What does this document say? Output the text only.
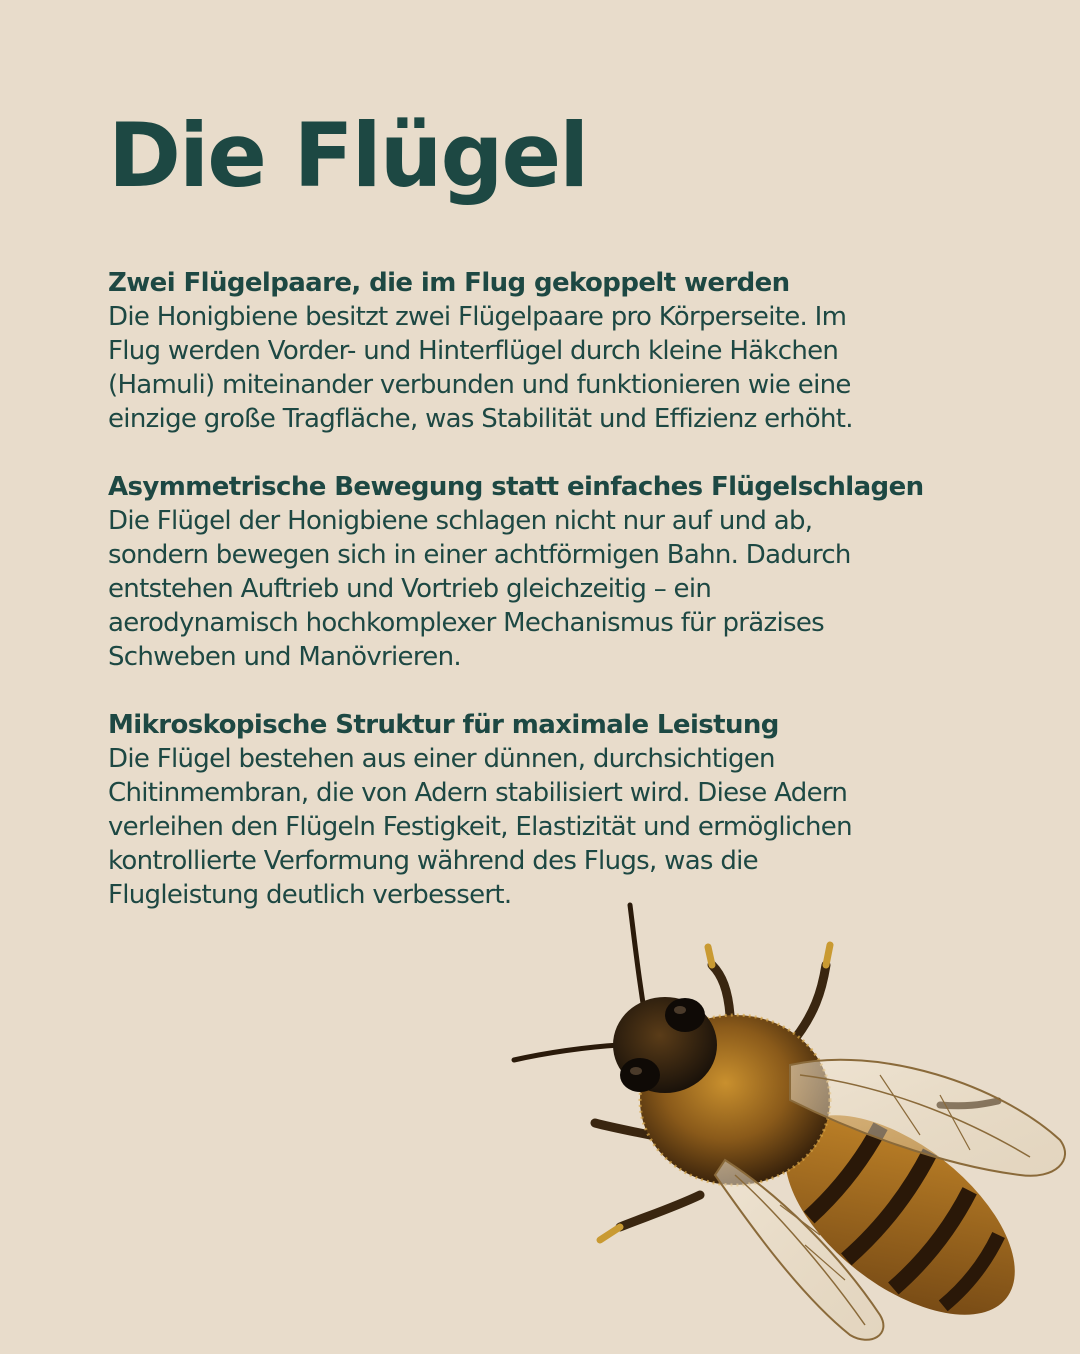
Die Flügel
Zwei Flügelpaare, die im Flug gekoppelt werden

Die Honigbiene besitzt zwei Flügelpaare pro Körperseite. Im
Flug werden Vorder- und Hinterflügel durch kleine Häkchen
(Hamuli) miteinander verbunden und funktionieren wie eine
einzige große Tragfläche, was Stabilität und Effizienz erhöht.

Asymmetrische Bewegung statt einfaches Flügelschlagen

Die Flügel der Honigbiene schlagen nicht nur auf und ab,
sondern bewegen sich in einer achtförmigen Bahn. Dadurch
entstehen Auftrieb und Vortrieb gleichzeitig – ein
aerodynamisch hochkomplexer Mechanismus für präzises
Schweben und Manövrieren.

Mikroskopische Struktur für maximale Leistung

Die Flügel bestehen aus einer dünnen, durchsichtigen
Chitinmembran, die von Adern stabilisiert wird. Diese Adern
verleihen den Flügeln Festigkeit, Elastizität und ermöglichen
kontrollierte Verformung während des Flugs, was die
Flugleistung deutlich verbessert.
